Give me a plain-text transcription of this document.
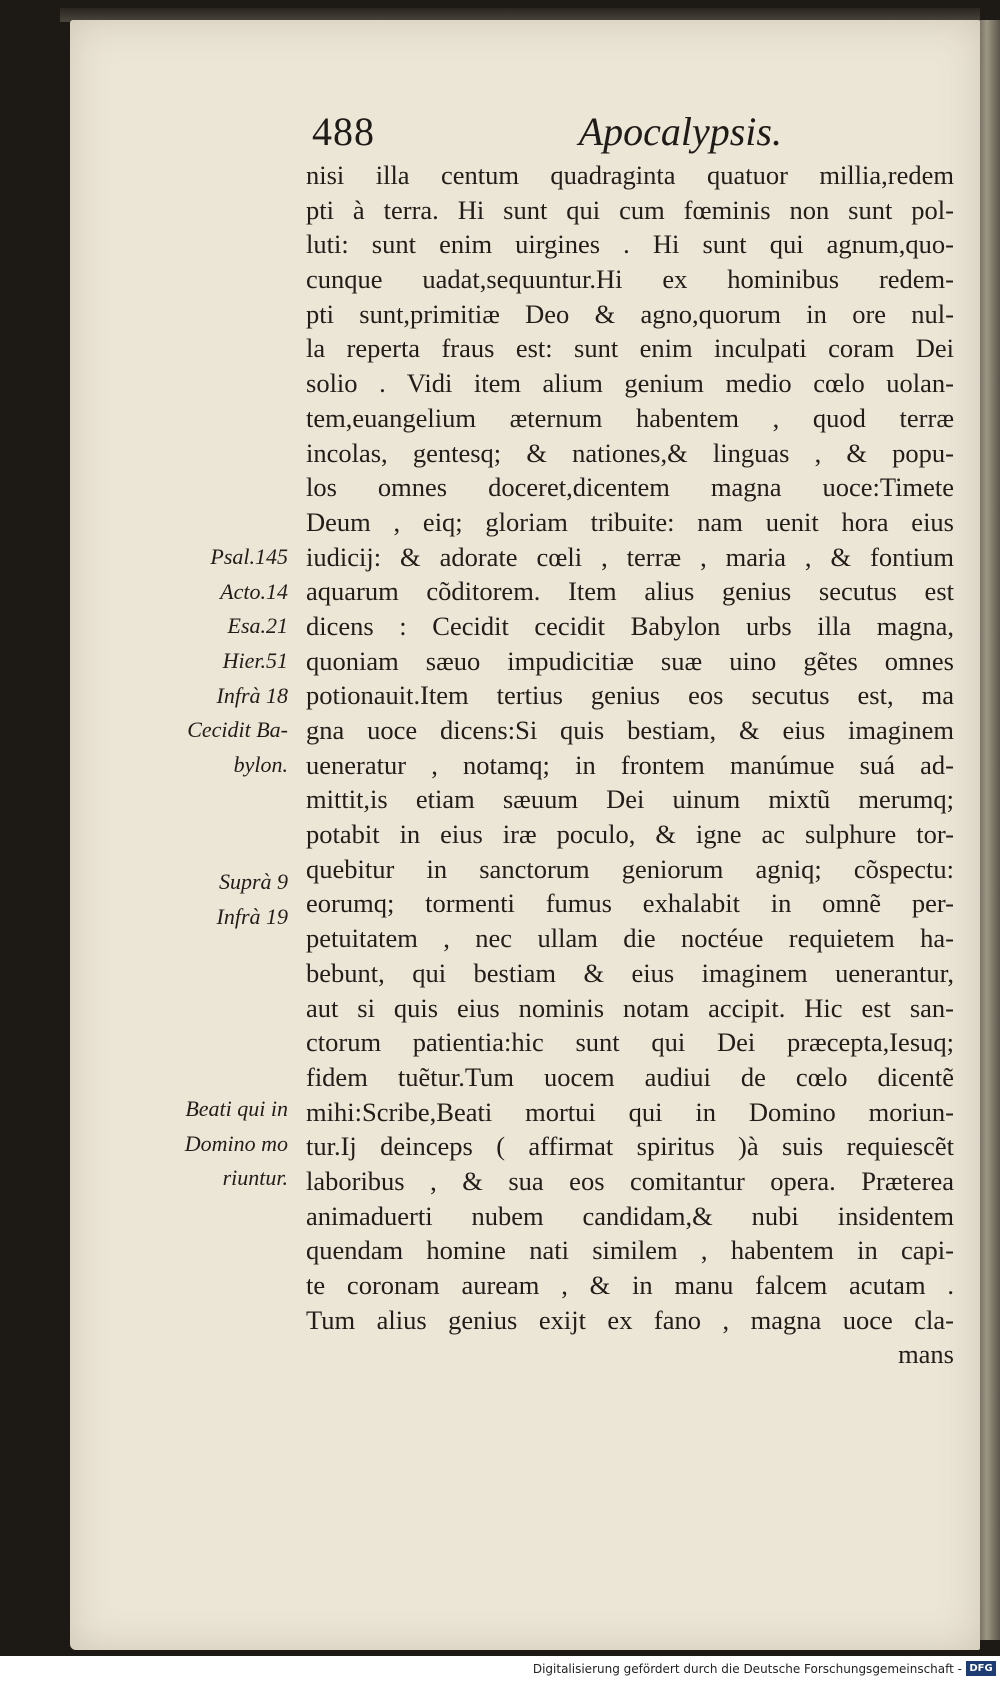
488	Apocalypsis.
nisi illa centum quadraginta quatuor millia,redem
pti à terra. Hi sunt qui cum fœminis non sunt pol-
luti: sunt enim uirgines . Hi sunt qui agnum,quo-
cunque uadat,sequuntur.Hi ex hominibus redem-
pti sunt,primitiæ Deo & agno,quorum in ore nul-
la reperta fraus est: sunt enim inculpati coram Dei
solio . Vidi item alium genium medio cœlo uolan-
tem,euangelium æternum habentem , quod terræ
incolas, gentesq; & nationes,& linguas , & popu-
los omnes doceret,dicentem magna uoce:Timete
Deum , eiq; gloriam tribuite: nam uenit hora eius
iudicij: & adorate cœli , terræ , maria , & fontium
aquarum cõditorem. Item alius genius secutus est
dicens : Cecidit cecidit Babylon urbs illa magna,
quoniam sæuo impudicitiæ suæ uino gẽtes omnes
potionauit.Item tertius genius eos secutus est, ma
gna uoce dicens:Si quis bestiam, & eius imaginem
ueneratur , notamq; in frontem manúmue suá ad-
mittit,is etiam sæuum Dei uinum mixtũ merumq;
potabit in eius iræ poculo, & igne ac sulphure tor-
quebitur in sanctorum geniorum agniq; cõspectu:
eorumq; tormenti fumus exhalabit in omnẽ per-
petuitatem , nec ullam die noctéue requietem ha-
bebunt, qui bestiam & eius imaginem uenerantur,
aut si quis eius nominis notam accipit. Hic est san-
ctorum patientia:hic sunt qui Dei præcepta,Iesuq;
fidem tuẽtur.Tum uocem audiui de cœlo dicentẽ
mihi:Scribe,Beati mortui qui in Domino moriun-
tur.Ij deinceps ( affirmat spiritus )à suis requiescẽt
laboribus , & sua eos comitantur opera. Præterea
animaduerti nubem candidam,& nubi insidentem
quendam homine nati similem , habentem in capi-
te coronam auream , & in manu falcem acutam .
Tum alius genius exijt ex fano , magna uoce cla-
mans
Psal.145
Acto.14
Esa.21
Hier.51
Infrà 18
Cecidit Ba-
bylon.
Suprà 9
Infrà 19
Beati qui in
Domino mo
riuntur.
Digitalisierung gefördert durch die Deutsche Forschungsgemeinschaft - DFG
